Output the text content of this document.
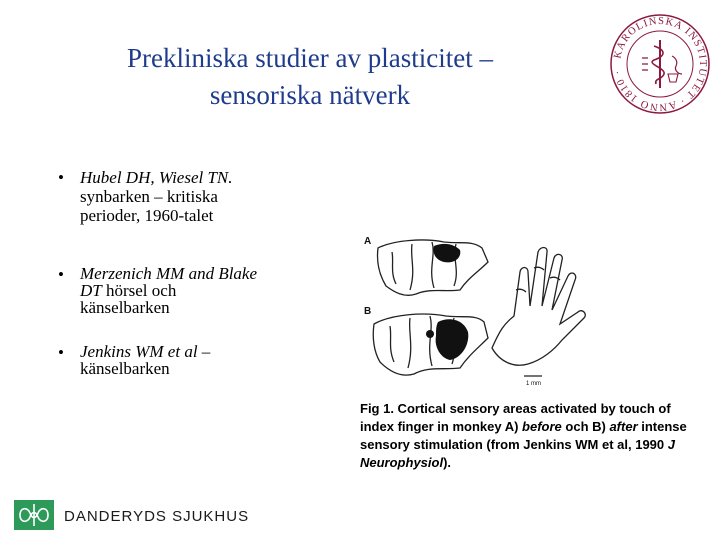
Prekliniska studier av plasticitet –
sensoriska nätverk
KAROLINSKA INSTITUTET · ANNO 1810 ·
• Hubel DH, Wiesel TN.
synbarken – kritiska
perioder, 1960-talet
• Merzenich MM and Blake
DT hörsel och
känselbarken
• Jenkins WM et al –
känselbarken
A
B
1 mm
Fig 1. Cortical sensory areas activated by touch of index finger in monkey A) before och B) after intense sensory stimulation (from Jenkins WM et al, 1990 J Neurophysiol).
DANDERYDS SJUKHUS
